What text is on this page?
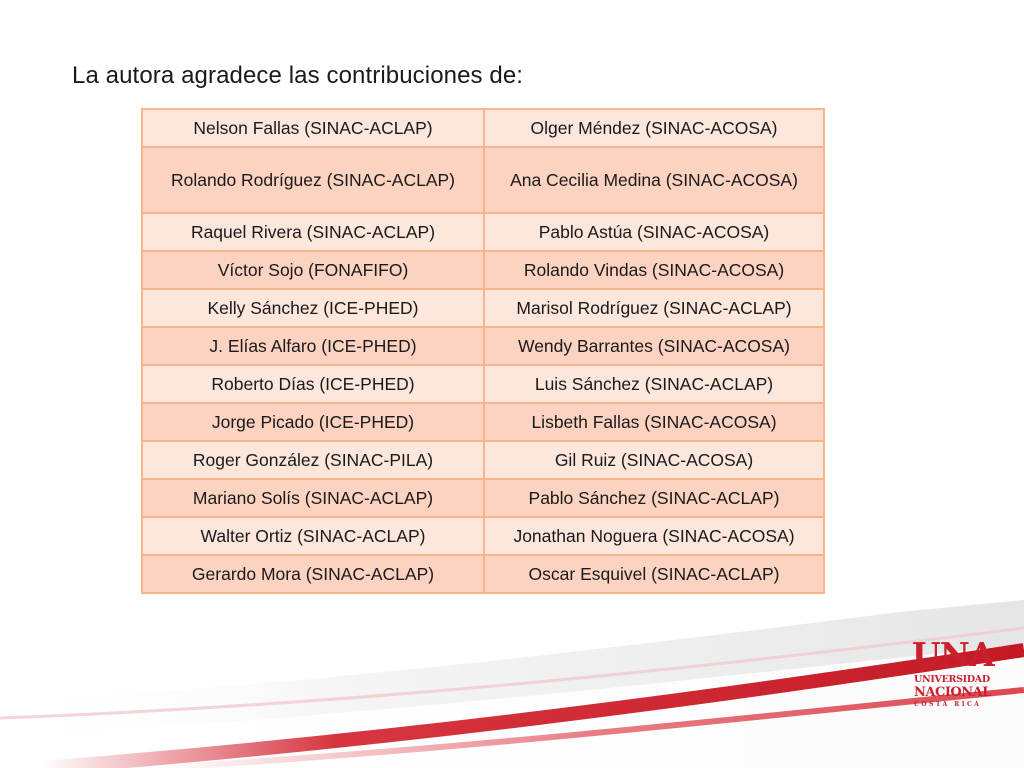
La autora agradece las contribuciones de:
Nelson Fallas (SINAC-ACLAP)	Olger Méndez (SINAC-ACOSA)
Rolando Rodríguez (SINAC-ACLAP)	Ana Cecilia Medina (SINAC-ACOSA)
Raquel Rivera (SINAC-ACLAP)	Pablo Astúa (SINAC-ACOSA)
Víctor Sojo (FONAFIFO)	Rolando Vindas (SINAC-ACOSA)
Kelly Sánchez (ICE-PHED)	Marisol Rodríguez (SINAC-ACLAP)
J. Elías Alfaro (ICE-PHED)	Wendy Barrantes (SINAC-ACOSA)
Roberto Días (ICE-PHED)	Luis Sánchez (SINAC-ACLAP)
Jorge Picado (ICE-PHED)	Lisbeth Fallas (SINAC-ACOSA)
Roger González (SINAC-PILA)	Gil Ruiz (SINAC-ACOSA)
Mariano Solís (SINAC-ACLAP)	Pablo Sánchez (SINAC-ACLAP)
Walter Ortiz (SINAC-ACLAP)	Jonathan Noguera (SINAC-ACOSA)
Gerardo Mora (SINAC-ACLAP)	Oscar Esquivel (SINAC-ACLAP)
UNA
UNIVERSIDAD
NACIONAL
COSTA RICA
